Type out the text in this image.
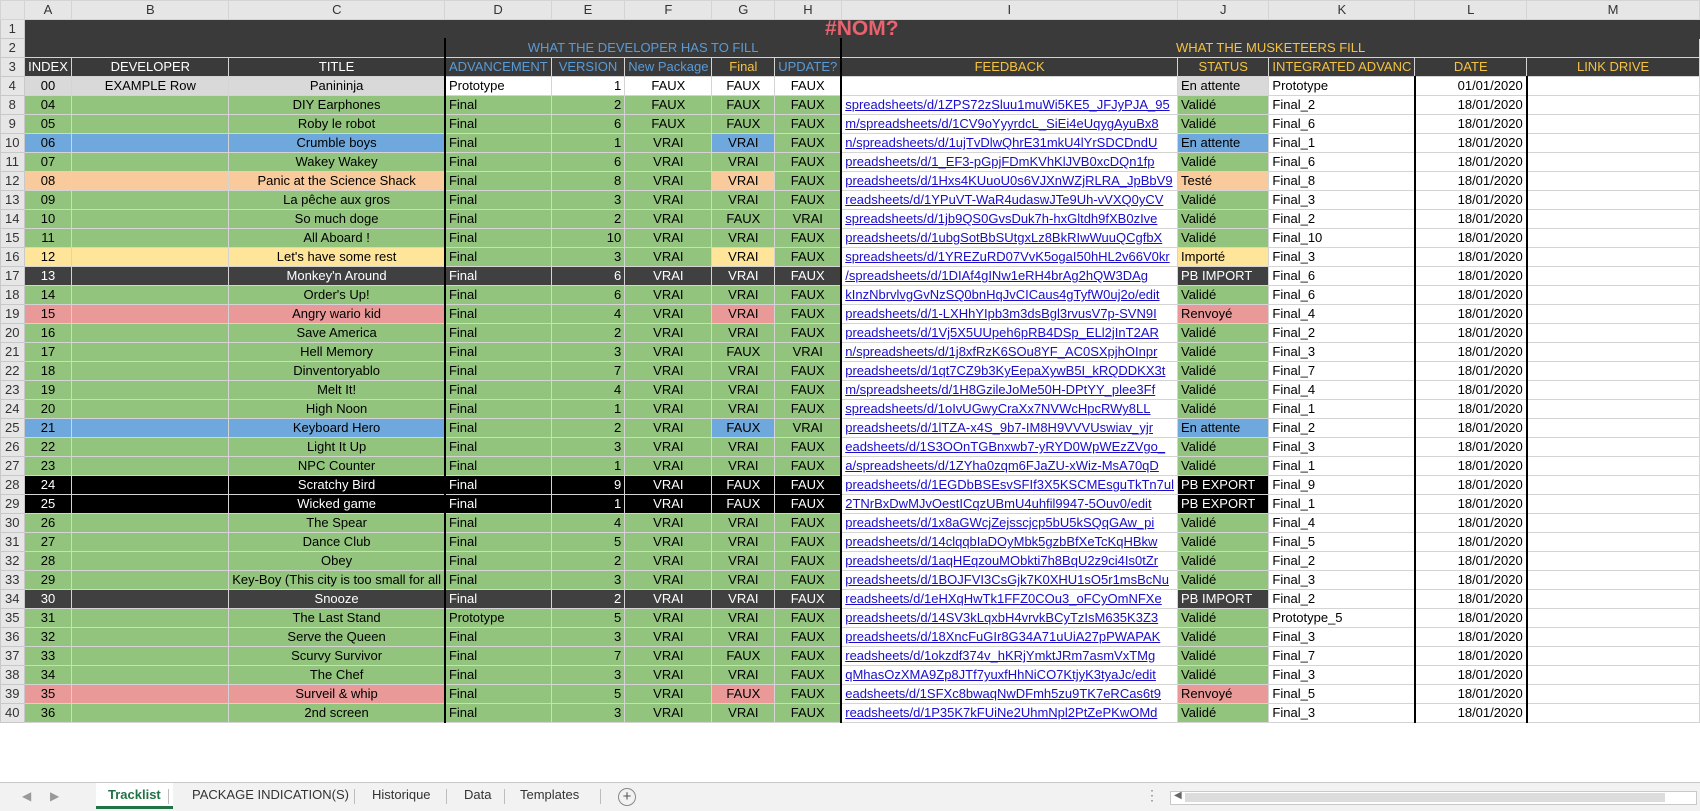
	A	B	C	D	E	F	G	H	I	J	K	L	M
1	#NOM?												
2				WHAT THE DEVELOPER HAS TO FILL					WHAT THE MUSKETEERS FILL				
3	INDEX	DEVELOPER	TITLE	ADVANCEMENT	VERSION	New Package	Final	UPDATE?	FEEDBACK	STATUS	INTEGRATED ADVANC	DATE	LINK DRIVE
4	00	EXAMPLE Row	Panininja	Prototype	1	FAUX	FAUX	FAUX		En attente	Prototype	01/01/2020	
8	04		DIY Earphones	Final	2	FAUX	FAUX	FAUX	spreadsheets/d/1ZPS72zSluu1muWi5KE5_JFJyPJA_95	Validé	Final_2	18/01/2020	
9	05		Roby le robot	Final	6	FAUX	FAUX	FAUX	m/spreadsheets/d/1CV9oYyyrdcL_SiEi4eUqygAyuBx8	Validé	Final_6	18/01/2020	
10	06		Crumble boys	Final	1	VRAI	VRAI	FAUX	n/spreadsheets/d/1ujTvDlwQhrE31mkU4lYrSDCDndU	En attente	Final_1	18/01/2020	
11	07		Wakey Wakey	Final	6	VRAI	VRAI	FAUX	preadsheets/d/1_EF3-pGpjFDmKVhKlJVB0xcDQn1fp	Validé	Final_6	18/01/2020	
12	08		Panic at the Science Shack	Final	8	VRAI	VRAI	FAUX	preadsheets/d/1Hxs4KUuoU0s6VJXnWZjRLRA_JpBbV9	Testé	Final_8	18/01/2020	
13	09		La pêche aux gros	Final	3	VRAI	VRAI	FAUX	readsheets/d/1YPuVT-WaR4udaswJTe9Uh-vVXQ0yCV	Validé	Final_3	18/01/2020	
14	10		So much doge	Final	2	VRAI	FAUX	VRAI	spreadsheets/d/1jb9QS0GvsDuk7h-hxGltdh9fXB0zIve	Validé	Final_2	18/01/2020	
15	11		All Aboard !	Final	10	VRAI	VRAI	FAUX	preadsheets/d/1ubgSotBbSUtgxLz8BkRIwWuuQCgfbX	Validé	Final_10	18/01/2020	
16	12		Let's have some rest	Final	3	VRAI	VRAI	FAUX	spreadsheets/d/1YREZuRD07VvK5ogaI50hHL2v66V0kr	Importé	Final_3	18/01/2020	
17	13		Monkey'n Around	Final	6	VRAI	VRAI	FAUX	/spreadsheets/d/1DIAf4gINw1eRH4brAg2hQW3DAg	PB IMPORT	Final_6	18/01/2020	
18	14		Order's Up!	Final	6	VRAI	VRAI	FAUX	kInzNbrvlvgGvNzSQ0bnHqJvCICaus4gTyfW0uj2o/edit	Validé	Final_6	18/01/2020	
19	15		Angry wario kid	Final	4	VRAI	VRAI	FAUX	preadsheets/d/1-LXHhYIpb3m3dsBgl3rvusV7p-SVN9I	Renvoyé	Final_4	18/01/2020	
20	16		Save America	Final	2	VRAI	VRAI	FAUX	preadsheets/d/1Vj5X5UUpeh6pRB4DSp_ELl2jInT2AR	Validé	Final_2	18/01/2020	
21	17		Hell Memory	Final	3	VRAI	FAUX	VRAI	n/spreadsheets/d/1j8xfRzK6SOu8YF_AC0SXpjhOInpr	Validé	Final_3	18/01/2020	
22	18		Dinventoryablo	Final	7	VRAI	VRAI	FAUX	preadsheets/d/1qt7CZ9b3KyEepaXywB5I_kRQDDKX3t	Validé	Final_7	18/01/2020	
23	19		Melt It!	Final	4	VRAI	VRAI	FAUX	m/spreadsheets/d/1H8GzileJoMe50H-DPtYY_plee3Ff	Validé	Final_4	18/01/2020	
24	20		High Noon	Final	1	VRAI	VRAI	FAUX	spreadsheets/d/1oIvUGwyCraXx7NVWcHpcRWy8LL	Validé	Final_1	18/01/2020	
25	21		Keyboard Hero	Final	2	VRAI	FAUX	VRAI	preadsheets/d/1lTZA-x4S_9b7-IM8H9VVVUswiav_yjr	En attente	Final_2	18/01/2020	
26	22		Light It Up	Final	3	VRAI	VRAI	FAUX	eadsheets/d/1S3OOnTGBnxwb7-yRYD0WpWEzZVgo_	Validé	Final_3	18/01/2020	
27	23		NPC Counter	Final	1	VRAI	VRAI	FAUX	a/spreadsheets/d/1ZYha0zqm6FJaZU-xWiz-MsA70qD	Validé	Final_1	18/01/2020	
28	24		Scratchy Bird	Final	9	VRAI	FAUX	FAUX	preadsheets/d/1EGDbBSEsvSFIf3X5KSCMEsguTkTn7ul	PB EXPORT	Final_9	18/01/2020	
29	25		Wicked game	Final	1	VRAI	FAUX	FAUX	2TNrBxDwMJvOestICqzUBmU4uhfil9947-5Ouv0/edit	PB EXPORT	Final_1	18/01/2020	
30	26		The Spear	Final	4	VRAI	VRAI	FAUX	preadsheets/d/1x8aGWcjZejsscjcp5bU5kSQqGAw_pi	Validé	Final_4	18/01/2020	
31	27		Dance Club	Final	5	VRAI	VRAI	FAUX	preadsheets/d/14clqqbIaDOyMbk5gzbBfXeTcKqHBkw	Validé	Final_5	18/01/2020	
32	28		Obey	Final	2	VRAI	VRAI	FAUX	preadsheets/d/1aqHEqzouMObkti7h8BqU2z9ci4Is0tZr	Validé	Final_2	18/01/2020	
33	29		Key-Boy (This city is too small for all	Final	3	VRAI	VRAI	FAUX	preadsheets/d/1BOJFVI3CsGjk7K0XHU1sO5r1msBcNu	Validé	Final_3	18/01/2020	
34	30		Snooze	Final	2	VRAI	VRAI	FAUX	readsheets/d/1eHXqHwTk1FFZ0COu3_oFCyOmNFXe	PB IMPORT	Final_2	18/01/2020	
35	31		The Last Stand	Prototype	5	VRAI	VRAI	FAUX	preadsheets/d/14SV3kLqxbH4vrvkBCyTzIsM635K3Z3	Validé	Prototype_5	18/01/2020	
36	32		Serve the Queen	Final	3	VRAI	VRAI	FAUX	preadsheets/d/18XncFuGIr8G34A71uUiA27pPWAPAK	Validé	Final_3	18/01/2020	
37	33		Scurvy Survivor	Final	7	VRAI	FAUX	FAUX	readsheets/d/1okzdf374v_hKRjYmktJRm7asmVxTMg	Validé	Final_7	18/01/2020	
38	34		The Chef	Final	3	VRAI	VRAI	FAUX	qMhasOzXMA9Zp8JTf7yuxfHhNiCO7KtjyK3tyaJc/edit	Validé	Final_3	18/01/2020	
39	35		Surveil & whip	Final	5	VRAI	FAUX	FAUX	eadsheets/d/1SFXc8bwaqNwDFmh5zu9TK7eRCas6t9	Renvoyé	Final_5	18/01/2020	
40	36		2nd screen	Final	3	VRAI	VRAI	FAUX	readsheets/d/1P35K7kFUiNe2UhmNpl2PtZePKwOMd	Validé	Final_3	18/01/2020	
◀ ▶	Tracklist	PACKAGE INDICATION(S)	Historique	Data	Templates	+	⋮ ◀
